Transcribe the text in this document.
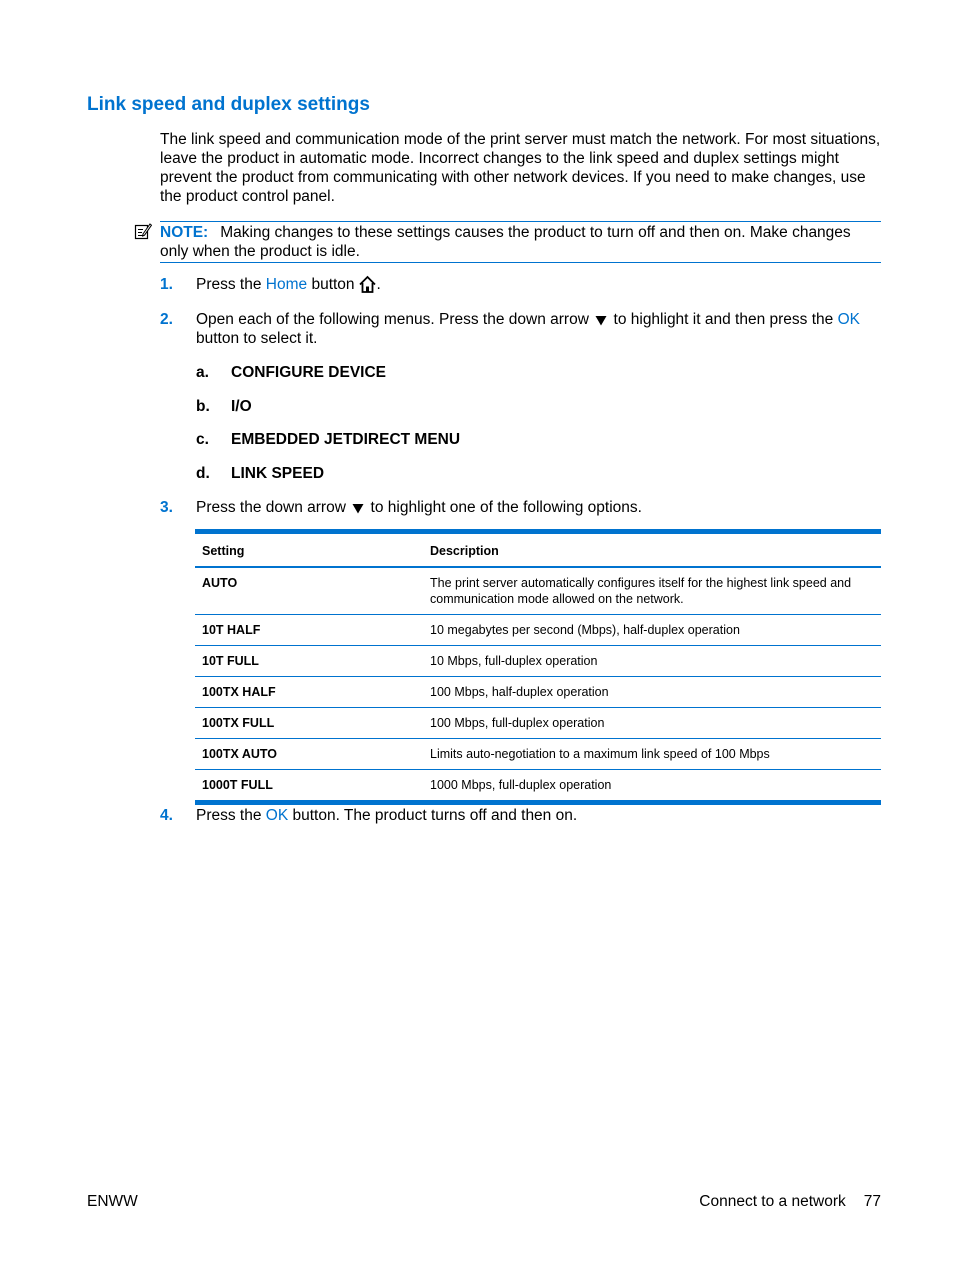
Link speed and duplex settings

The link speed and communication mode of the print server must match the network. For most situations, leave the product in automatic mode. Incorrect changes to the link speed and duplex settings might prevent the product from communicating with other network devices. If you need to make changes, use the product control panel.

NOTE: Making changes to these settings causes the product to turn off and then on. Make changes only when the product is idle.
1. Press the Home button .
2. Open each of the following menus. Press the down arrow to highlight it and then press the OK button to select it.
a. CONFIGURE DEVICE
b. I/O
c. EMBEDDED JETDIRECT MENU
d. LINK SPEED
3. Press the down arrow to highlight one of the following options.
Setting	Description
AUTO	The print server automatically configures itself for the highest link speed and communication mode allowed on the network.
10T HALF	10 megabytes per second (Mbps), half-duplex operation
10T FULL	10 Mbps, full-duplex operation
100TX HALF	100 Mbps, half-duplex operation
100TX FULL	100 Mbps, full-duplex operation
100TX AUTO	Limits auto-negotiation to a maximum link speed of 100 Mbps
1000T FULL	1000 Mbps, full-duplex operation
4. Press the OK button. The product turns off and then on.
ENWW	Connect to a network 77
